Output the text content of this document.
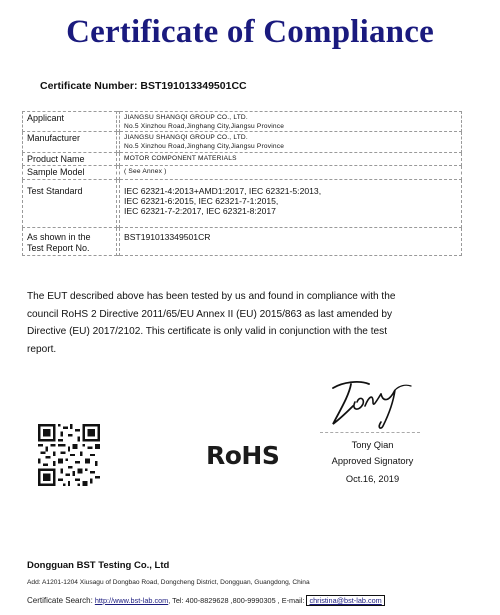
Certificate of Compliance
Certificate Number: BST191013349501CC
Applicant		JIANGSU SHANGQI GROUP CO., LTD.
No.5 Xinzhou Road,Jinghang City,Jiangsu Province

Manufacturer		JIANGSU SHANGQI GROUP CO., LTD.
No.5 Xinzhou Road,Jinghang City,Jiangsu Province

Product Name		MOTOR COMPONENT MATERIALS
Sample Model		( See Annex )
Test Standard		IEC 62321-4:2013+AMD1:2017, IEC 62321-5:2013,
IEC 62321-6:2015, IEC 62321-7-1:2015,
IEC 62321-7-2:2017, IEC 62321-8:2017

As shown in the
Test Report No.		BST191013349501CR
The EUT described above has been tested by us and found in compliance with the
council RoHS 2 Directive 2011/65/EU Annex II (EU) 2015/863 as last amended by
Directive (EU) 2017/2102. This certificate is only valid in conjunction with the test
report.
Tony Qian
Approved Signatory
Oct.16, 2019
RoHS
Dongguan BST Testing Co., Ltd
Add: A1201-1204 Xiusagu of Dongbao Road, Dongcheng District, Dongguan, Guangdong, China
Certificate Search: http://www.bst-lab.com, Tel: 400-8829628 ,800-9990305 , E-mail: christina@bst-lab.com
